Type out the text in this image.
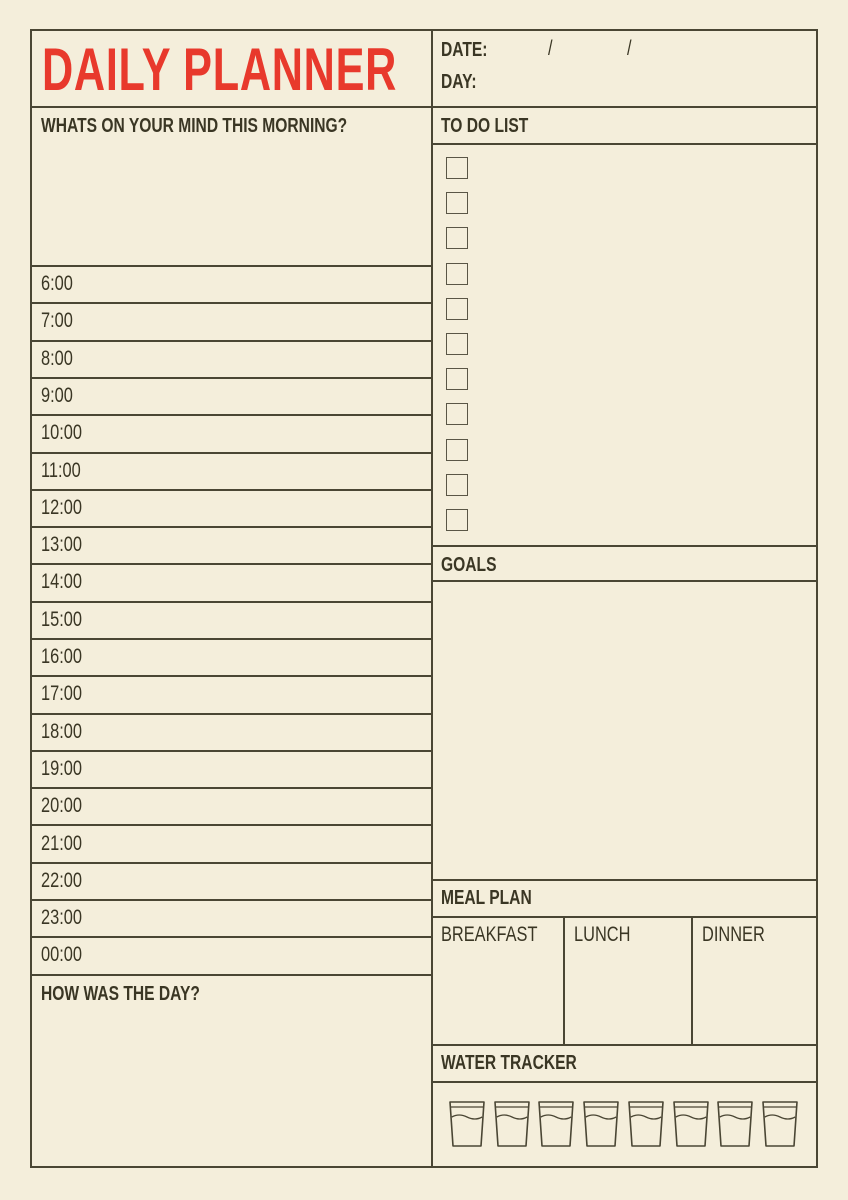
DAILY PLANNER DATE:	/	/
DAY:
WHATS ON YOUR MIND THIS MORNING?
6:00
7:00
8:00
9:00
10:00
11:00
12:00
13:00
14:00
15:00
16:00
17:00
18:00
19:00
20:00
21:00
22:00
23:00
00:00
HOW WAS THE DAY?
TO DO LIST
GOALS
MEAL PLAN
BREAKFAST LUNCH	DINNER
WATER TRACKER
